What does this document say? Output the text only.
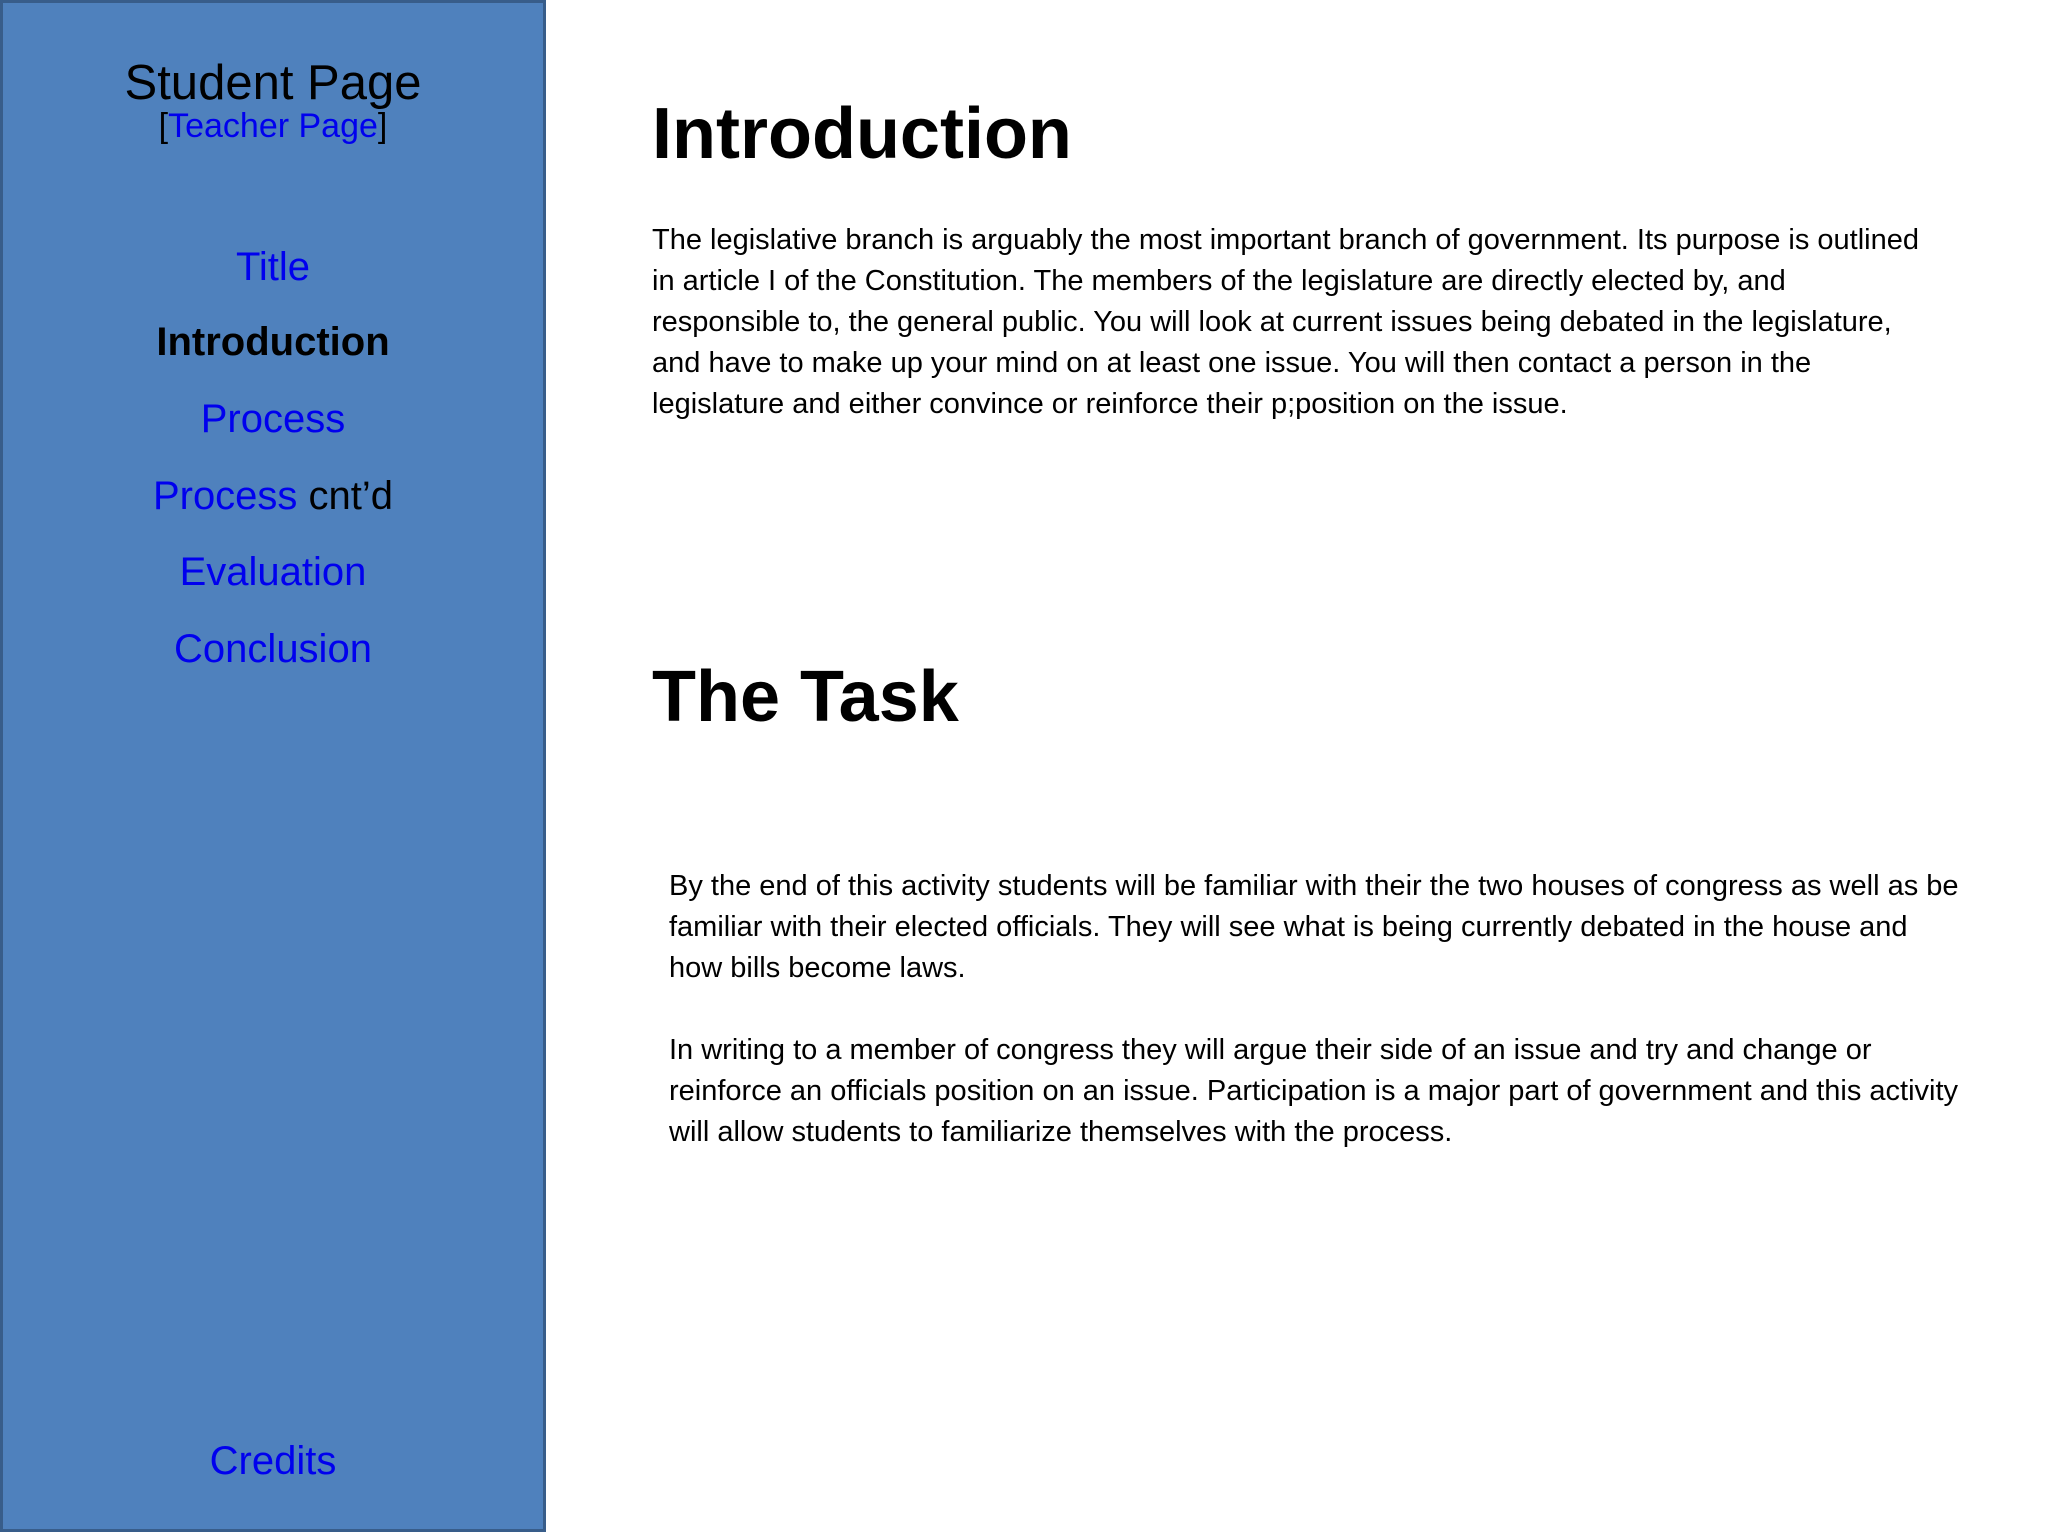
Student Page
[Teacher Page]
Title
Introduction
Process
Process cnt’d
Evaluation
Conclusion
Credits
Introduction

The legislative branch is arguably the most important branch of government. Its purpose is outlined in article I of the Constitution. The members of the legislature are directly elected by, and responsible to, the general public. You will look at current issues being debated in the legislature, and have to make up your mind on at least one issue. You will then contact a person in the legislature and either convince or reinforce their p;position on the issue.

The Task

By the end of this activity students will be familiar with their the two houses of congress as well as be familiar with their elected officials. They will see what is being currently debated in the house and how bills become laws.

In writing to a member of congress they will argue their side of an issue and try and change or reinforce an officials position on an issue. Participation is a major part of government and this activity will allow students to familiarize themselves with the process.
